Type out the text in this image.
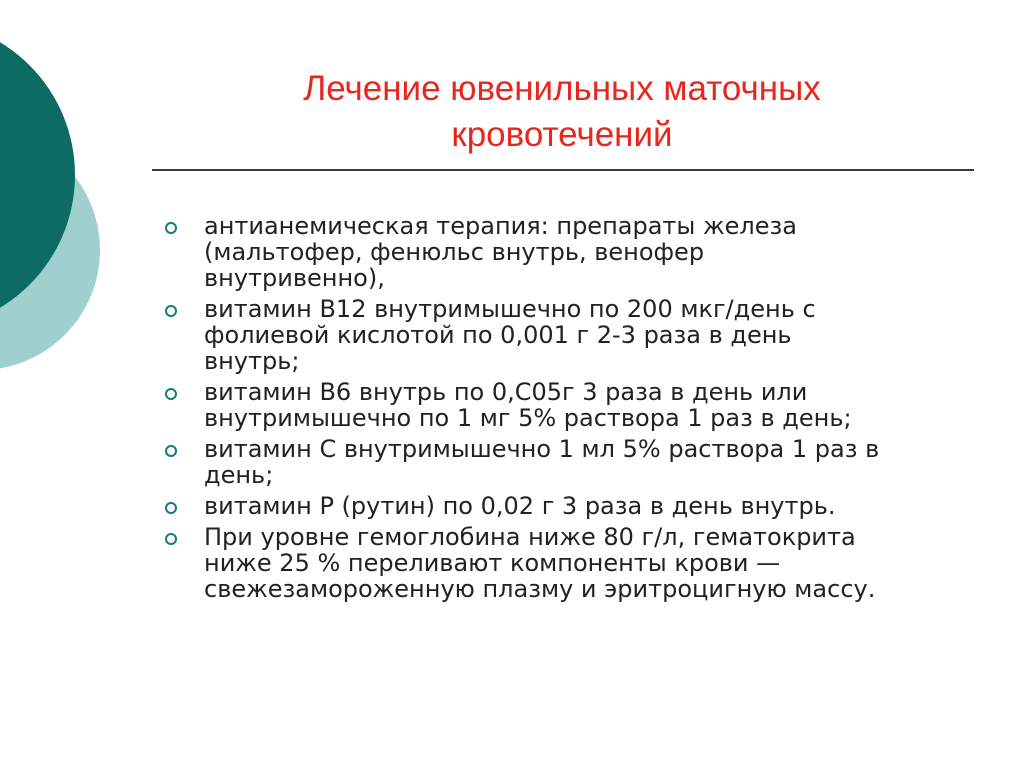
Лечение ювенильных маточных
кровотечений
антианемическая терапия: препараты железа
(мальтофер, фенюльс внутрь, венофер
внутривенно),
витамин В12 внутримышечно по 200 мкг/день с
фолиевой кислотой по 0,001 г 2-3 раза в день
внутрь;
витамин В6 внутрь по 0,С05г 3 раза в день или
внутримышечно по 1 мг 5% раствора 1 раз в день;
витамин С внутримышечно 1 мл 5% раствора 1 раз в
день;
витамин Р (рутин) по 0,02 г 3 раза в день внутрь.
При уровне гемоглобина ниже 80 г/л, гематокрита
ниже 25 % переливают компоненты крови —
свежезамороженную плазму и эритроцигную массу.
